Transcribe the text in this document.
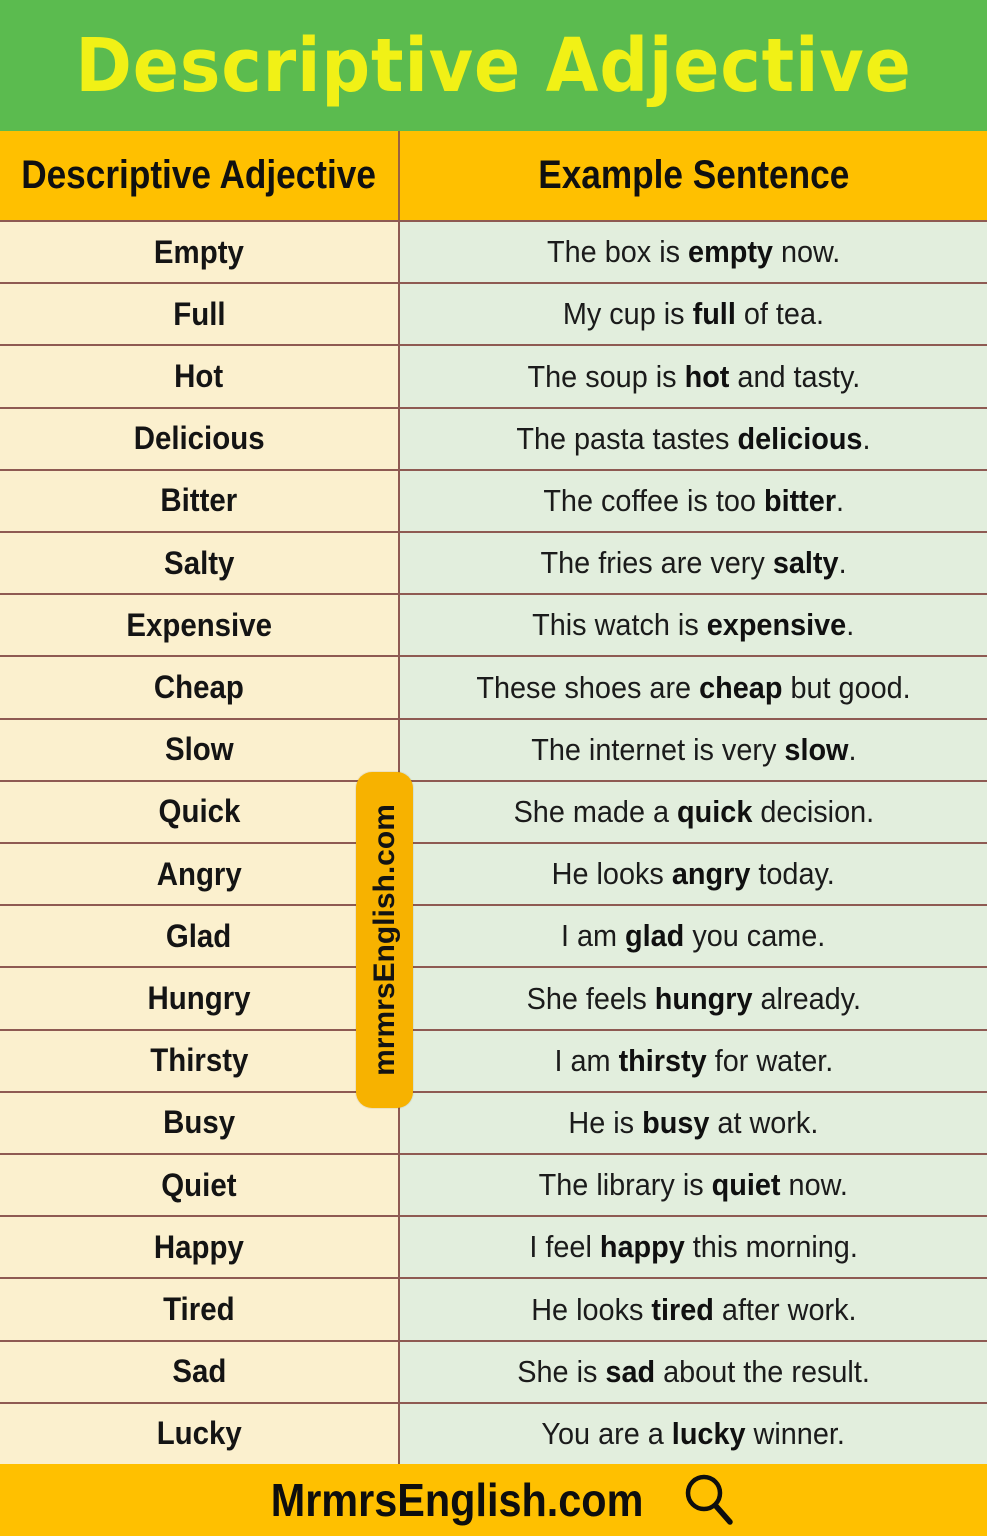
Descriptive Adjective
Descriptive Adjective	Example Sentence
Empty	The box is empty now.
Full	My cup is full of tea.
Hot	The soup is hot and tasty.
Delicious	The pasta tastes delicious.
Bitter	The coffee is too bitter.
Salty	The fries are very salty.
Expensive	This watch is expensive.
Cheap	These shoes are cheap but good.
Slow	The internet is very slow.
Quick	She made a quick decision.
Angry	He looks angry today.
Glad	I am glad you came.
Hungry	She feels hungry already.
Thirsty	I am thirsty for water.
Busy	He is busy at work.
Quiet	The library is quiet now.
Happy	I feel happy this morning.
Tired	He looks tired after work.
Sad	She is sad about the result.
Lucky	You are a lucky winner.
mrmrsEnglish.com
MrmrsEnglish.com
